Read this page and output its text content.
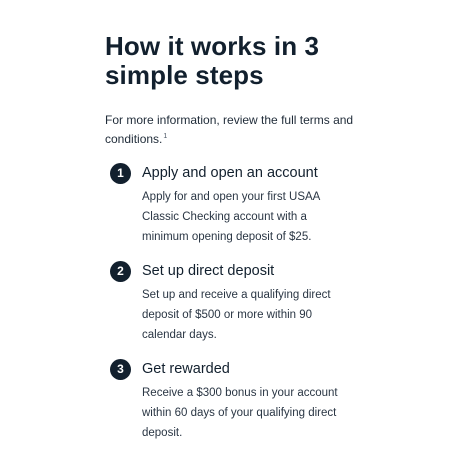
How it works in 3
simple steps

For more information, review the full terms and conditions.$^1$

1	Apply and open an account

Apply for and open your first USAA
Classic Checking account with a
minimum opening deposit of $25.

2	Set up direct deposit

Set up and receive a qualifying direct
deposit of $500 or more within 90
calendar days.

3	Get rewarded

Receive a $300 bonus in your account
within 60 days of your qualifying direct
deposit.
